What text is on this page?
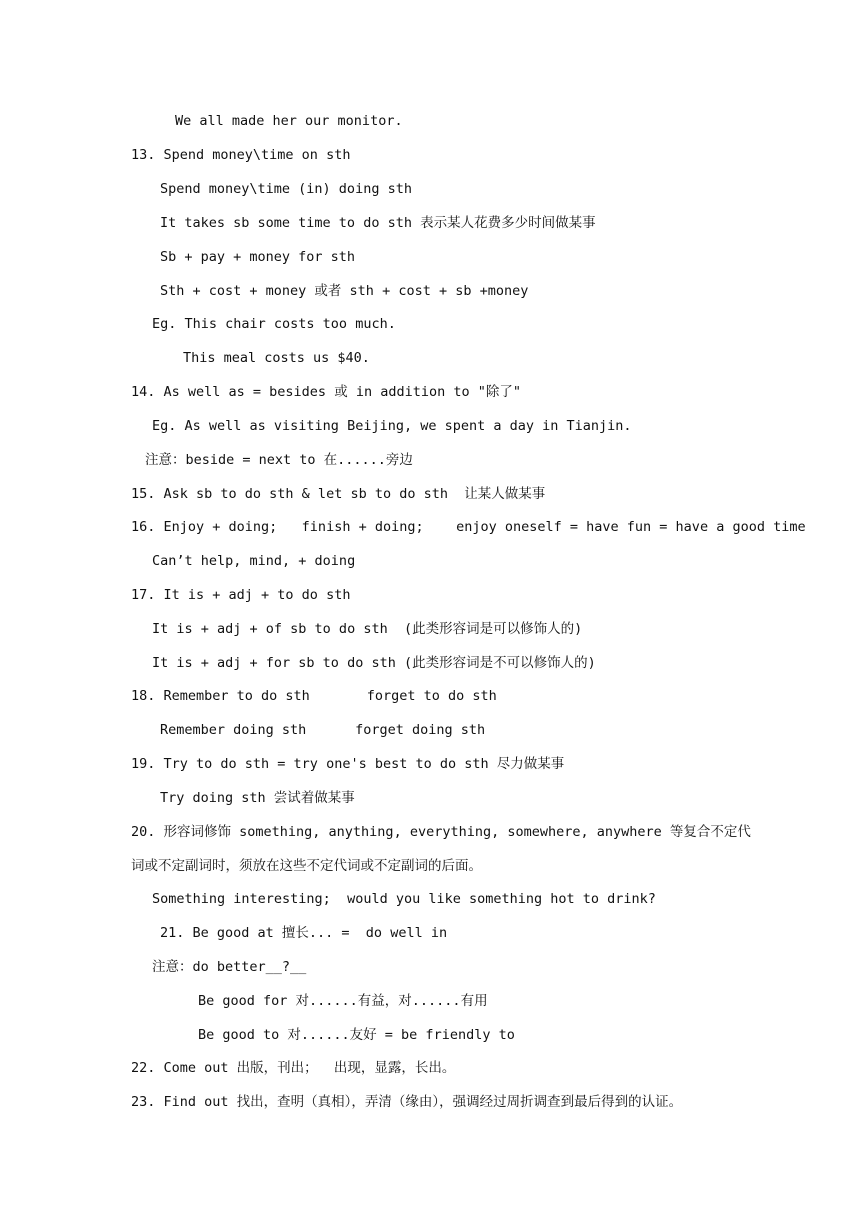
We all made her our monitor.
13. Spend money\time on sth
Spend money\time (in) doing sth
It takes sb some time to do sth 表示某人花费多少时间做某事
Sb + pay + money for sth
Sth + cost + money 或者 sth + cost + sb +money
Eg. This chair costs too much.
This meal costs us $40.
14. As well as = besides 或 in addition to "除了"
Eg. As well as visiting Beijing, we spent a day in Tianjin.
注意：beside = next to 在......旁边
15. Ask sb to do sth & let sb to do sth  让某人做某事
16. Enjoy + doing;   finish + doing;    enjoy oneself = have fun = have a good time
Can’t help, mind, + doing
17. It is + adj + to do sth
It is + adj + of sb to do sth  (此类形容词是可以修饰人的)
It is + adj + for sb to do sth (此类形容词是不可以修饰人的)
18. Remember to do sth       forget to do sth
Remember doing sth      forget doing sth
19. Try to do sth = try one's best to do sth 尽力做某事
Try doing sth 尝试着做某事
20. 形容词修饰 something, anything, everything, somewhere, anywhere 等复合不定代
词或不定副词时，须放在这些不定代词或不定副词的后面。
Something interesting;  would you like something hot to drink?
21. Be good at 擅长... =  do well in
注意：do better__?__
Be good for 对......有益，对......有用
Be good to 对......友好 = be friendly to
22. Come out 出版，刊出；  出现，显露，长出。
23. Find out 找出，查明（真相），弄清（缘由），强调经过周折调查到最后得到的认证。
